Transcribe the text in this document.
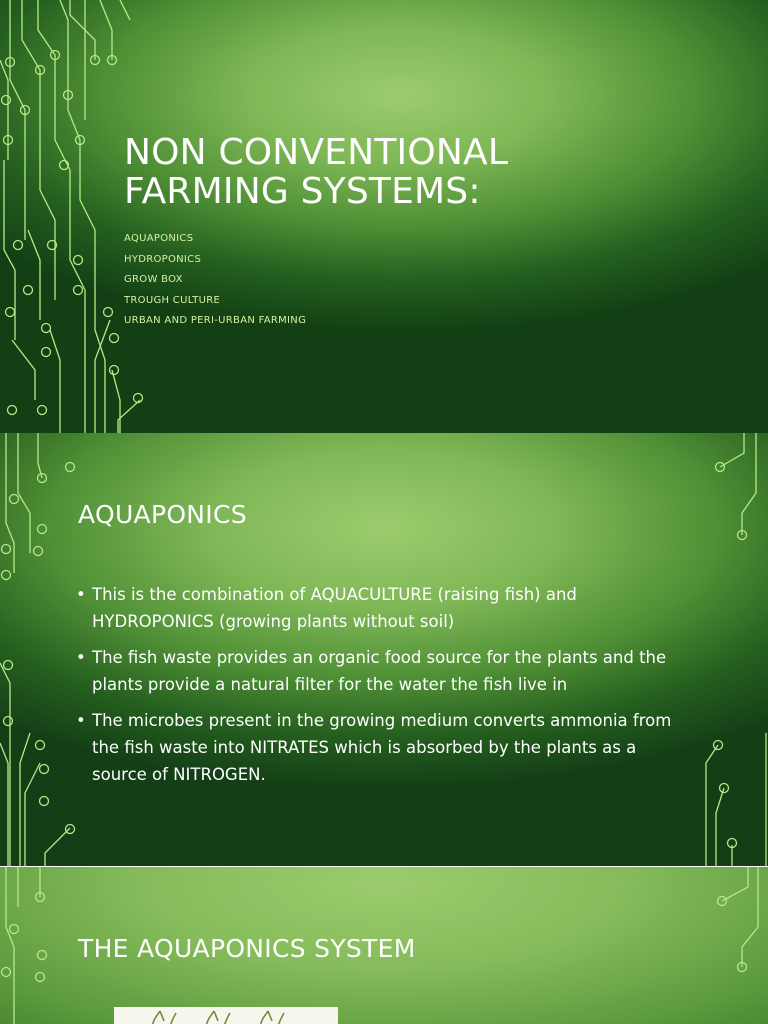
NON CONVENTIONAL
FARMING SYSTEMS:
AQUAPONICS
HYDROPONICS
GROW BOX
TROUGH CULTURE
URBAN AND PERI-URBAN FARMING
AQUAPONICS
• This is the combination of AQUACULTURE (raising fish) and HYDROPONICS (growing plants without soil)
• The fish waste provides an organic food source for the plants and the plants provide a natural filter for the water the fish live in
• The microbes present in the growing medium converts ammonia from the fish waste into NITRATES which is absorbed by the plants as a source of NITROGEN.
THE AQUAPONICS SYSTEM
